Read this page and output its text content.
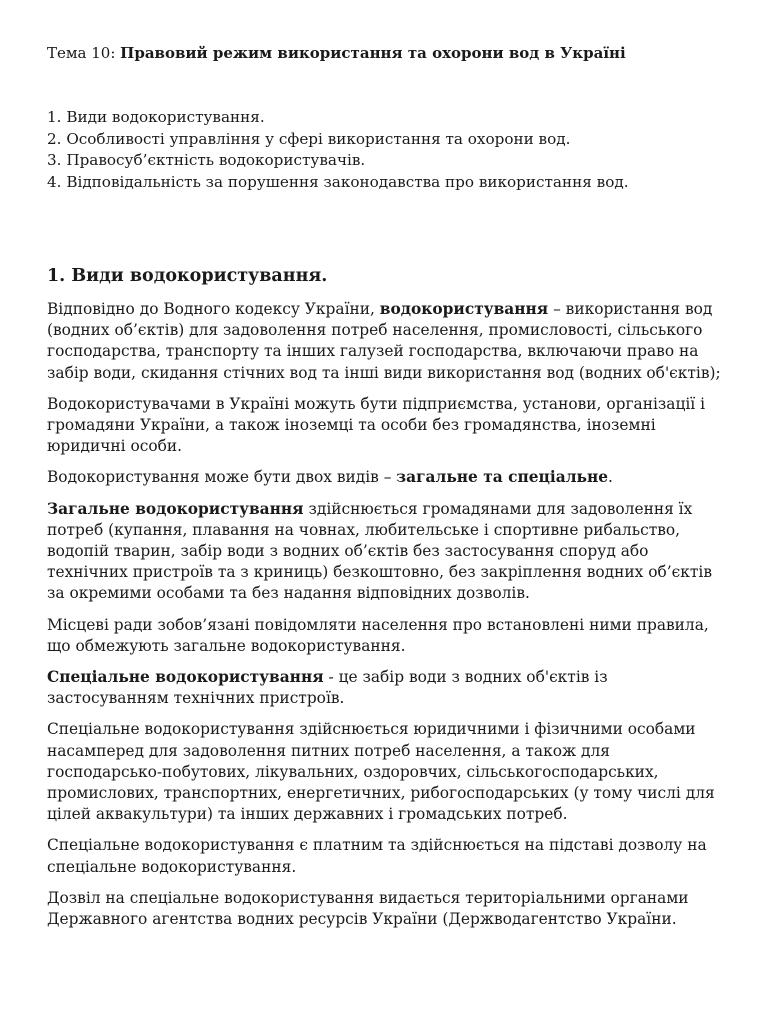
Тема 10: Правовий режим використання та охорони вод в Україні
1. Види водокористування.
2. Особливості управління у сфері використання та охорони вод.
3. Правосуб’єктність водокористувачів.
4. Відповідальність за порушення законодавства про використання вод.
1. Види водокористування.

Відповідно до Водного кодексу України, водокористування – використання вод (водних об’єктів) для задоволення потреб населення, промисловості, сільського господарства, транспорту та інших галузей господарства, включаючи право на забір води, скидання стічних вод та інші види використання вод (водних об'єктів);

Водокористувачами в Україні можуть бути підприємства, установи, організації і громадяни України, а також іноземці та особи без громадянства, іноземні юридичні особи.

Водокористування може бути двох видів – загальне та спеціальне.

Загальне водокористування здійснюється громадянами для задоволення їх потреб (купання, плавання на човнах, любительське і спортивне рибальство, водопій тварин, забір води з водних об’єктів без застосування споруд або технічних пристроїв та з криниць) безкоштовно, без закріплення водних об’єктів за окремими особами та без надання відповідних дозволів.

Місцеві ради зобов’язані повідомляти населення про встановлені ними правила, що обмежують загальне водокористування.

Спеціальне водокористування - це забір води з водних об'єктів із застосуванням технічних пристроїв.

Спеціальне водокористування здійснюється юридичними і фізичними особами насамперед для задоволення питних потреб населення, а також для господарсько-побутових, лікувальних, оздоровчих, сільськогосподарських, промислових, транспортних, енергетичних, рибогосподарських (у тому числі для цілей аквакультури) та інших державних і громадських потреб.

Спеціальне водокористування є платним та здійснюється на підставі дозволу на спеціальне водокористування.

Дозвіл на спеціальне водокористування видається територіальними органами Державного агентства водних ресурсів України (Держводагентство України.
